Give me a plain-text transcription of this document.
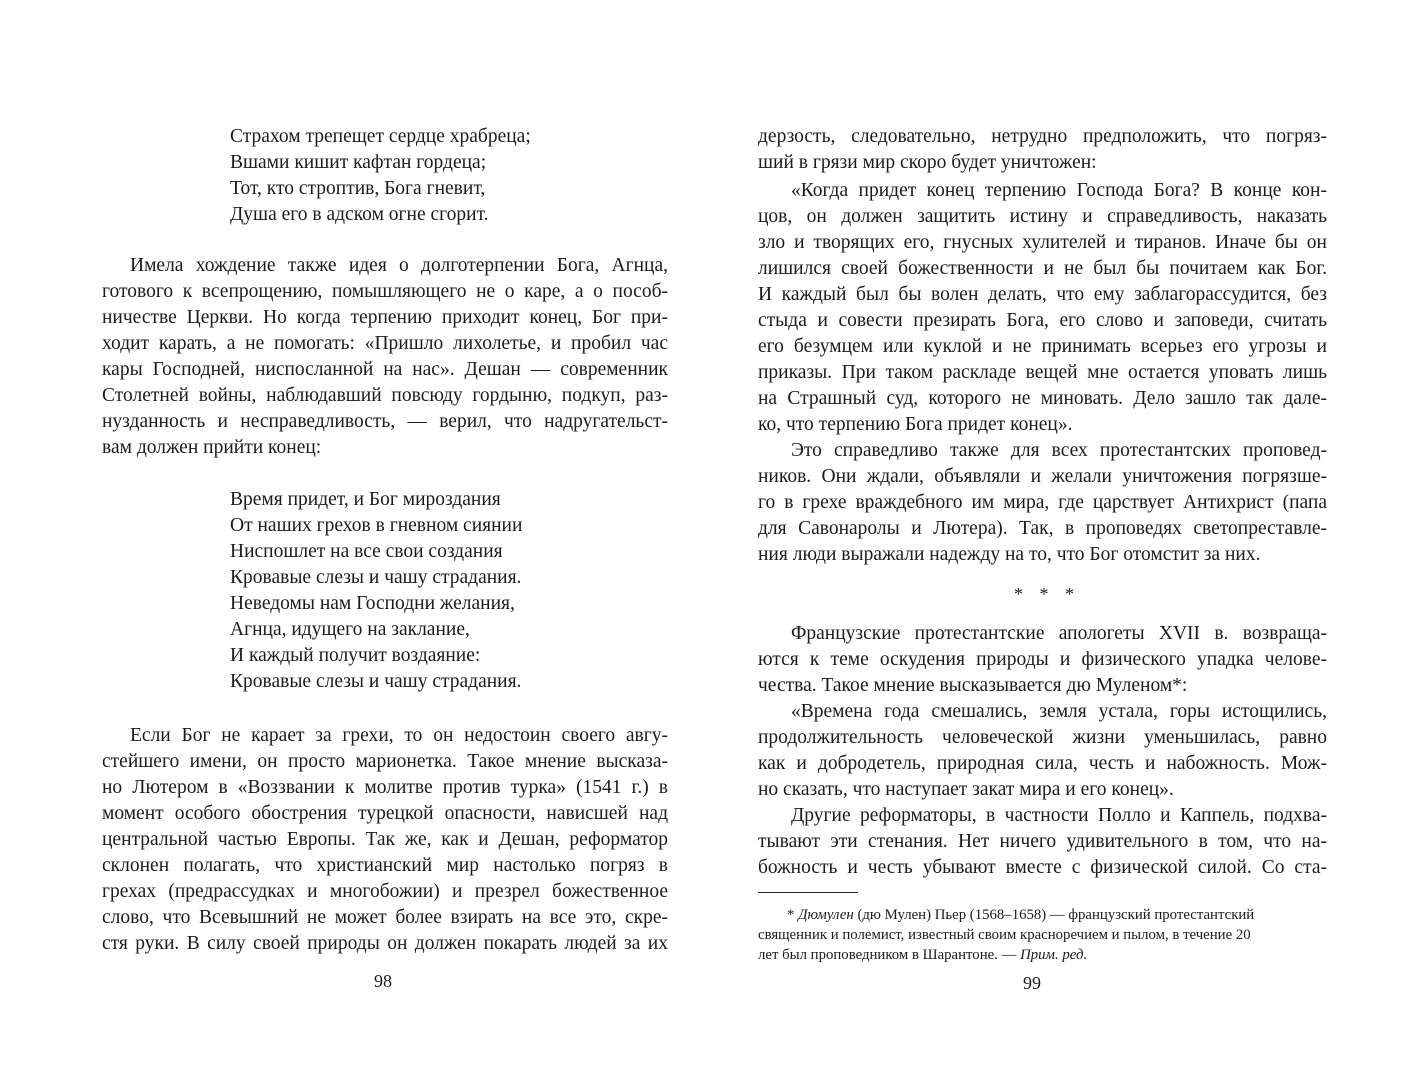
Страхом трепещет сердце храбреца;
Вшами кишит кафтан гордеца;
Тот, кто строптив, Бога гневит,
Душа его в адском огне сгорит.
Имела хождение также идея о долготерпении Бога, Агнца,
готового к всепрощению, помышляющего не о каре, а о пособ-
ничестве Церкви. Но когда терпению приходит конец, Бог при-
ходит карать, а не помогать: «Пришло лихолетье, и пробил час
кары Господней, ниспосланной на нас». Дешан — современник
Столетней войны, наблюдавший повсюду гордыню, подкуп, раз-
нузданность и несправедливость, — верил, что надругательст-
вам должен прийти конец:
Время придет, и Бог мироздания
От наших грехов в гневном сиянии
Ниспошлет на все свои создания
Кровавые слезы и чашу страдания.
Неведомы нам Господни желания,
Агнца, идущего на заклание,
И каждый получит воздаяние:
Кровавые слезы и чашу страдания.
Если Бог не карает за грехи, то он недостоин своего авгу-
стейшего имени, он просто марионетка. Такое мнение высказа-
но Лютером в «Воззвании к молитве против турка» (1541 г.) в
момент особого обострения турецкой опасности, нависшей над
центральной частью Европы. Так же, как и Дешан, реформатор
склонен полагать, что христианский мир настолько погряз в
грехах (предрассудках и многобожии) и презрел божественное
слово, что Всевышний не может более взирать на все это, скре-
стя руки. В силу своей природы он должен покарать людей за их
98
дерзость, следовательно, нетрудно предположить, что погряз-
ший в грязи мир скоро будет уничтожен:
«Когда придет конец терпению Господа Бога? В конце кон-
цов, он должен защитить истину и справедливость, наказать
зло и творящих его, гнусных хулителей и тиранов. Иначе бы он
лишился своей божественности и не был бы почитаем как Бог.
И каждый был бы волен делать, что ему заблагорассудится, без
стыда и совести презирать Бога, его слово и заповеди, считать
его безумцем или куклой и не принимать всерьез его угрозы и
приказы. При таком раскладе вещей мне остается уповать лишь
на Страшный суд, которого не миновать. Дело зашло так дале-
ко, что терпению Бога придет конец».
Это справедливо также для всех протестантских проповед-
ников. Они ждали, объявляли и желали уничтожения погрязше-
го в грехе враждебного им мира, где царствует Антихрист (папа
для Савонаролы и Лютера). Так, в проповедях светопреставле-
ния люди выражали надежду на то, что Бог отомстит за них.
* * *
Французские протестантские апологеты XVII в. возвраща-
ются к теме оскудения природы и физического упадка челове-
чества. Такое мнение высказывается дю Муленом*:
«Времена года смешались, земля устала, горы истощились,
продолжительность человеческой жизни уменьшилась, равно
как и добродетель, природная сила, честь и набожность. Мож-
но сказать, что наступает закат мира и его конец».
Другие реформаторы, в частности Полло и Каппель, подхва-
тывают эти стенания. Нет ничего удивительного в том, что на-
божность и честь убывают вместе с физической силой. Со ста-
* Дюмулен (дю Мулен) Пьер (1568–1658) — французский протестантский
священник и полемист, известный своим красноречием и пылом, в течение 20
лет был проповедником в Шарантоне. — Прим. ред.
99
